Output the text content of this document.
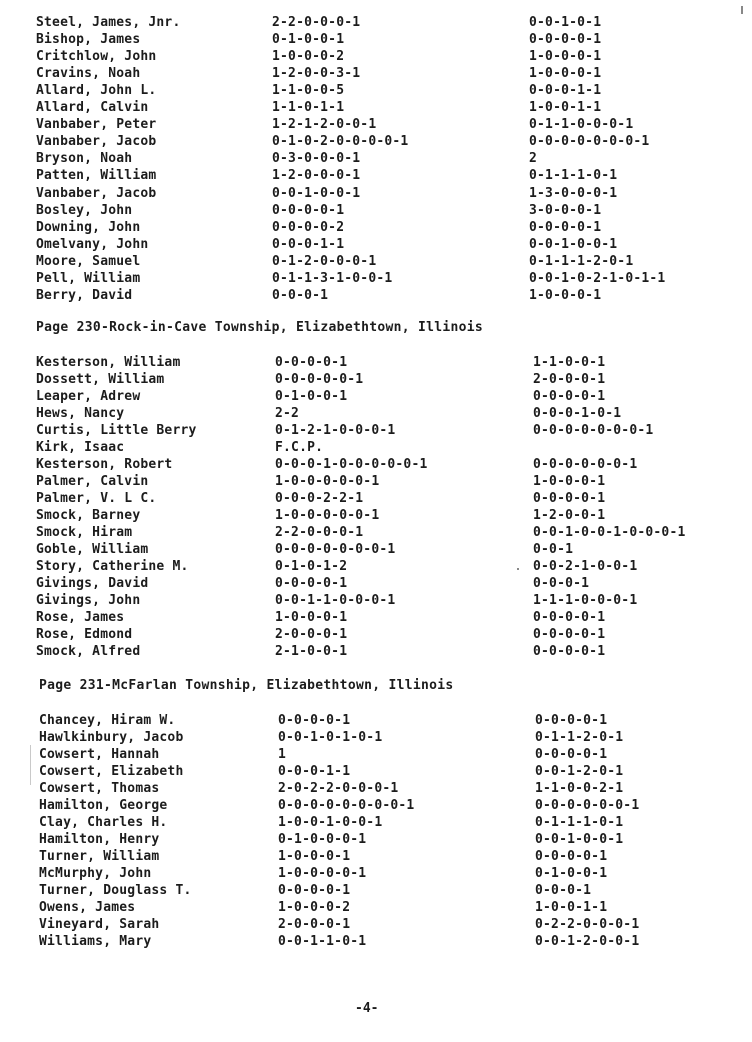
-4-
Steel, James, Jnr.	2-2-0-0-0-1	0-0-1-0-1
Bishop, James	0-1-0-0-1	0-0-0-0-1
Critchlow, John	1-0-0-0-2	1-0-0-0-1
Cravins, Noah	1-2-0-0-3-1	1-0-0-0-1
Allard, John L.	1-1-0-0-5	0-0-0-1-1
Allard, Calvin	1-1-0-1-1	1-0-0-1-1
Vanbaber, Peter	1-2-1-2-0-0-1	0-1-1-0-0-0-1
Vanbaber, Jacob	0-1-0-2-0-0-0-0-1	0-0-0-0-0-0-0-1
Bryson, Noah	0-3-0-0-0-1	2
Patten, William	1-2-0-0-0-1	0-1-1-1-0-1
Vanbaber, Jacob	0-0-1-0-0-1	1-3-0-0-0-1
Bosley, John	0-0-0-0-1	3-0-0-0-1
Downing, John	0-0-0-0-2	0-0-0-0-1
Omelvany, John	0-0-0-1-1	0-0-1-0-0-1
Moore, Samuel	0-1-2-0-0-0-1	0-1-1-1-2-0-1
Pell, William	0-1-1-3-1-0-0-1	0-0-1-0-2-1-0-1-1
Berry, David	0-0-0-1	1-0-0-0-1
Page 230-Rock-in-Cave Township, Elizabethtown, Illinois
Kesterson, William	0-0-0-0-1	1-1-0-0-1
Dossett, William	0-0-0-0-0-1	2-0-0-0-1
Leaper, Adrew	0-1-0-0-1	0-0-0-0-1
Hews, Nancy	2-2	0-0-0-1-0-1
Curtis, Little Berry	0-1-2-1-0-0-0-1	0-0-0-0-0-0-0-1
Kirk, Isaac	F.C.P.
Kesterson, Robert	0-0-0-1-0-0-0-0-0-1	0-0-0-0-0-0-1
Palmer, Calvin	1-0-0-0-0-0-1	1-0-0-0-1
Palmer, V. L C.	0-0-0-2-2-1	0-0-0-0-1
Smock, Barney	1-0-0-0-0-0-1	1-2-0-0-1
Smock, Hiram	2-2-0-0-0-1	0-0-1-0-0-1-0-0-0-1
Goble, William	0-0-0-0-0-0-0-1	0-0-1
Story, Catherine M.	0-1-0-1-2	0-0-2-1-0-0-1
Givings, David	0-0-0-0-1	0-0-0-1
Givings, John	0-0-1-1-0-0-0-1	1-1-1-0-0-0-1
Rose, James	1-0-0-0-1	0-0-0-0-1
Rose, Edmond	2-0-0-0-1	0-0-0-0-1
Smock, Alfred	2-1-0-0-1	0-0-0-0-1
Page 231-McFarlan Township, Elizabethtown, Illinois
Chancey, Hiram W.	0-0-0-0-1	0-0-0-0-1
Hawlkinbury, Jacob	0-0-1-0-1-0-1	0-1-1-2-0-1
Cowsert, Hannah	1	0-0-0-0-1
Cowsert, Elizabeth	0-0-0-1-1	0-0-1-2-0-1
Cowsert, Thomas	2-0-2-2-0-0-0-1	1-1-0-0-2-1
Hamilton, George	0-0-0-0-0-0-0-0-1	0-0-0-0-0-0-1
Clay, Charles H.	1-0-0-1-0-0-1	0-1-1-1-0-1
Hamilton, Henry	0-1-0-0-0-1	0-0-1-0-0-1
Turner, William	1-0-0-0-1	0-0-0-0-1
McMurphy, John	1-0-0-0-0-1	0-1-0-0-1
Turner, Douglass T.	0-0-0-0-1	0-0-0-1
Owens, James	1-0-0-0-2	1-0-0-1-1
Vineyard, Sarah	2-0-0-0-1	0-2-2-0-0-0-1
Williams, Mary	0-0-1-1-0-1	0-0-1-2-0-0-1
